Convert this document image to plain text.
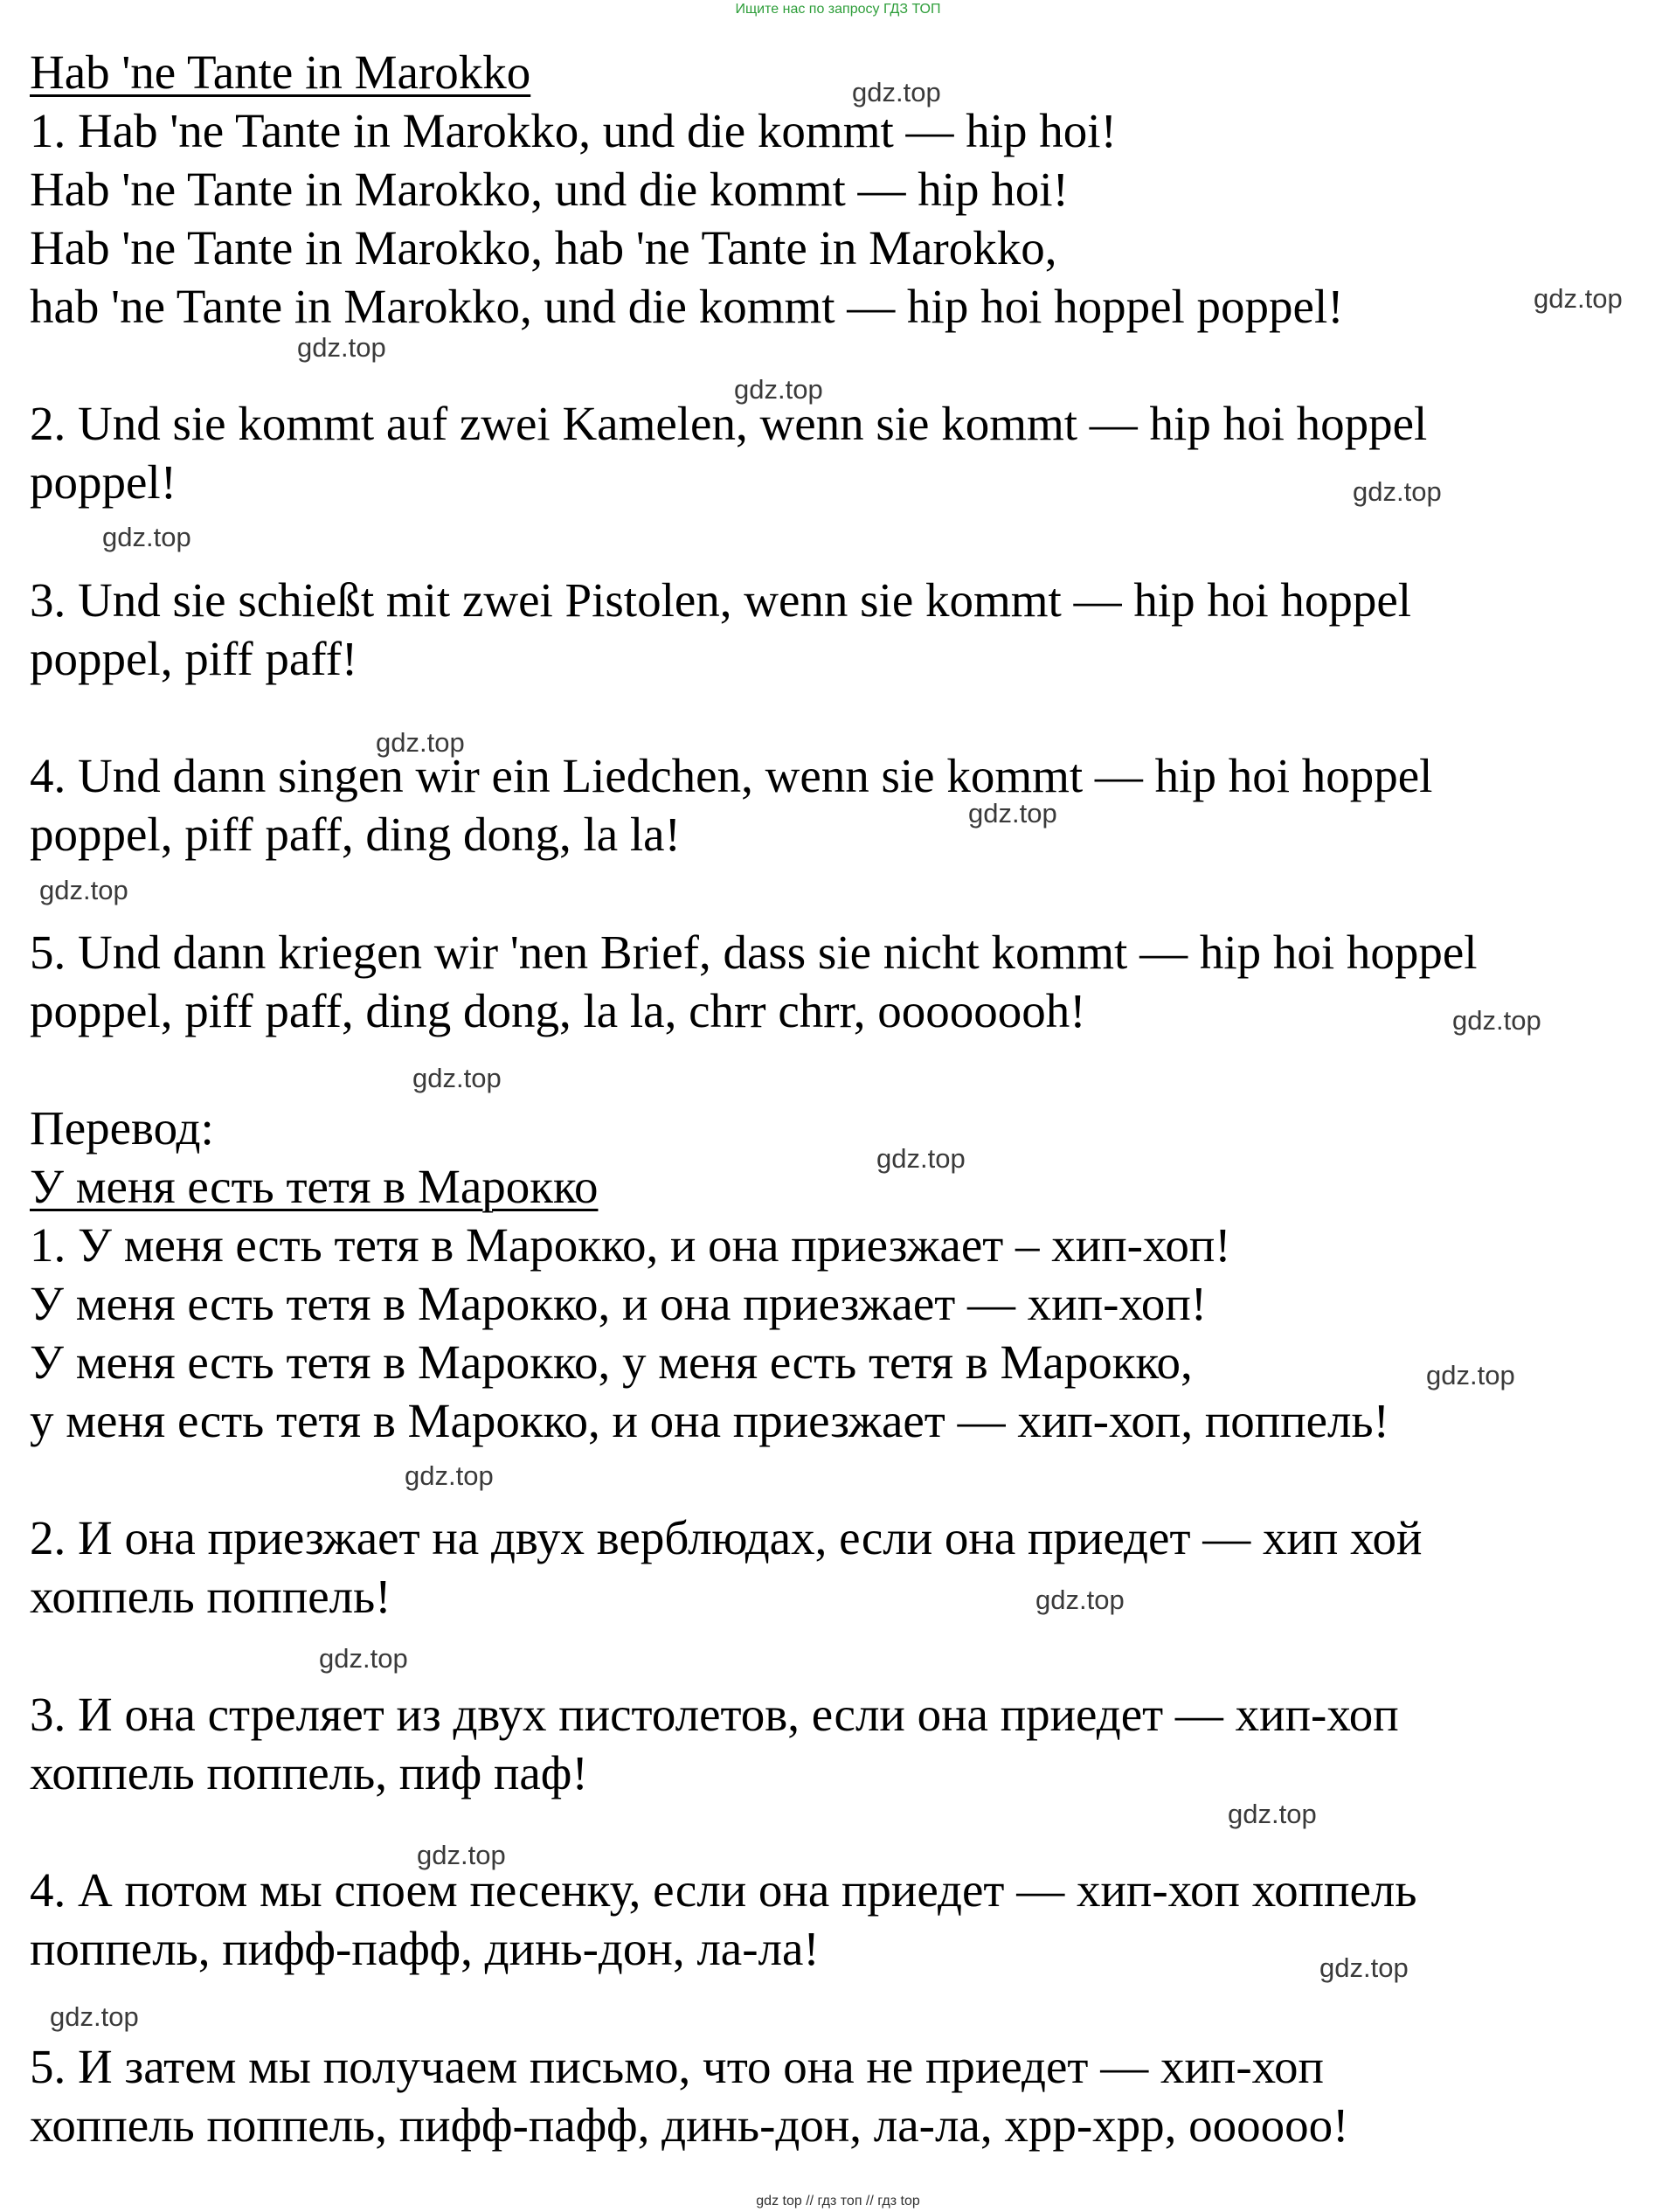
Ищите нас по запросу ГДЗ ТОП
Hab 'ne Tante in Marokko
1. Hab 'ne Tante in Marokko, und die kommt — hip hoi!
Hab 'ne Tante in Marokko, und die kommt — hip hoi!
Hab 'ne Tante in Marokko, hab 'ne Tante in Marokko,
hab 'ne Tante in Marokko, und die kommt — hip hoi hoppel poppel!
2. Und sie kommt auf zwei Kamelen, wenn sie kommt — hip hoi hoppel
poppel!
3. Und sie schießt mit zwei Pistolen, wenn sie kommt — hip hoi hoppel
poppel, piff paff!
4. Und dann singen wir ein Liedchen, wenn sie kommt — hip hoi hoppel
poppel, piff paff, ding dong, la la!
5. Und dann kriegen wir 'nen Brief, dass sie nicht kommt — hip hoi hoppel
poppel, piff paff, ding dong, la la, chrr chrr, oooooooh!
Перевод:
У меня есть тетя в Марокко
1. У меня есть тетя в Марокко, и она приезжает – хип-хоп!
У меня есть тетя в Марокко, и она приезжает — хип-хоп!
У меня есть тетя в Марокко, у меня есть тетя в Марокко,
у меня есть тетя в Марокко, и она приезжает — хип-хоп, поппель!
2. И она приезжает на двух верблюдах, если она приедет — хип хой
хоппель поппель!
3. И она стреляет из двух пистолетов, если она приедет — хип-хоп
хоппель поппель, пиф паф!
4. А потом мы споем песенку, если она приедет — хип-хоп хоппель
поппель, пифф-пафф, динь-дон, ла-ла!
5. И затем мы получаем письмо, что она не приедет — хип-хоп
хоппель поппель, пифф-пафф, динь-дон, ла-ла, хрр-хрр, оооооо!
gdz.top
gdz.top
gdz.top
gdz.top
gdz.top
gdz.top
gdz.top
gdz.top
gdz.top
gdz.top
gdz.top
gdz.top
gdz.top
gdz.top
gdz.top
gdz.top
gdz.top
gdz.top
gdz.top
gdz.top
gdz top // гдз топ // гдз top
